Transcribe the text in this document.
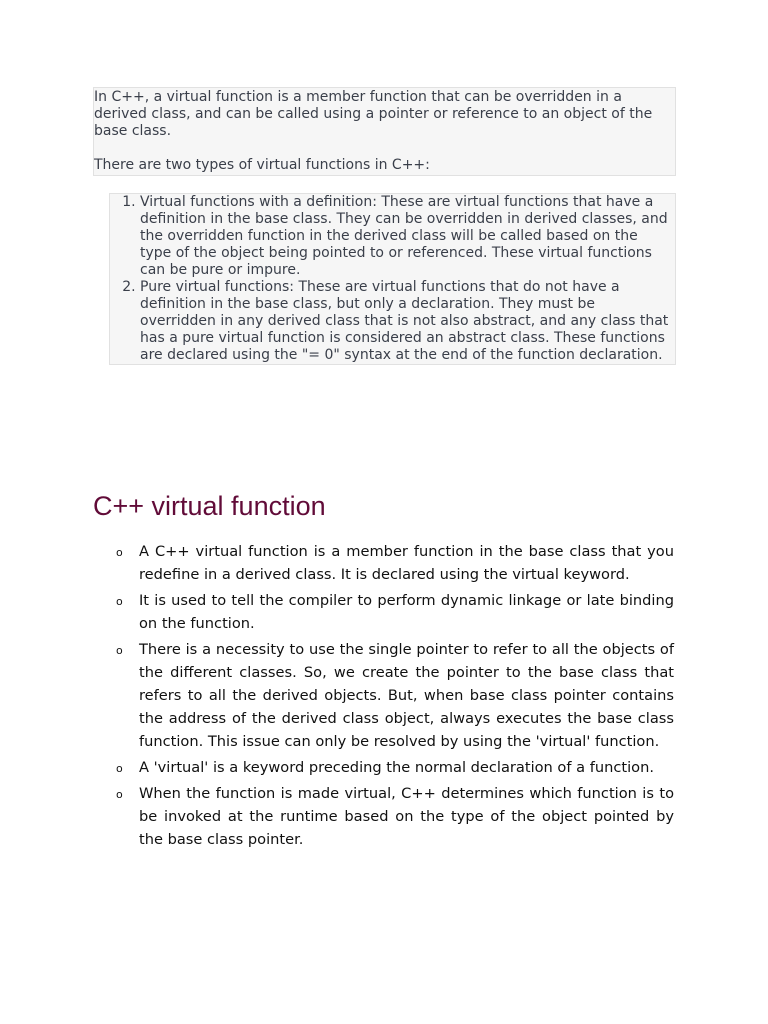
In C++, a virtual function is a member function that can be overridden in a derived class, and can be called using a pointer or reference to an object of the base class.

There are two types of virtual functions in C++:

1. Virtual functions with a definition: These are virtual functions that have a definition in the base class. They can be overridden in derived classes, and the overridden function in the derived class will be called based on the type of the object being pointed to or referenced. These virtual functions can be pure or impure.
2. Pure virtual functions: These are virtual functions that do not have a definition in the base class, but only a declaration. They must be overridden in any derived class that is not also abstract, and any class that has a pure virtual function is considered an abstract class. These functions are declared using the "= 0" syntax at the end of the function declaration.
C++ virtual function
o A C++ virtual function is a member function in the base class that you redefine in a derived class. It is declared using the virtual keyword.
o It is used to tell the compiler to perform dynamic linkage or late binding on the function.
o There is a necessity to use the single pointer to refer to all the objects of the different classes. So, we create the pointer to the base class that refers to all the derived objects. But, when base class pointer contains the address of the derived class object, always executes the base class function. This issue can only be resolved by using the 'virtual' function.
o A 'virtual' is a keyword preceding the normal declaration of a function.
o When the function is made virtual, C++ determines which function is to be invoked at the runtime based on the type of the object pointed by the base class pointer.
